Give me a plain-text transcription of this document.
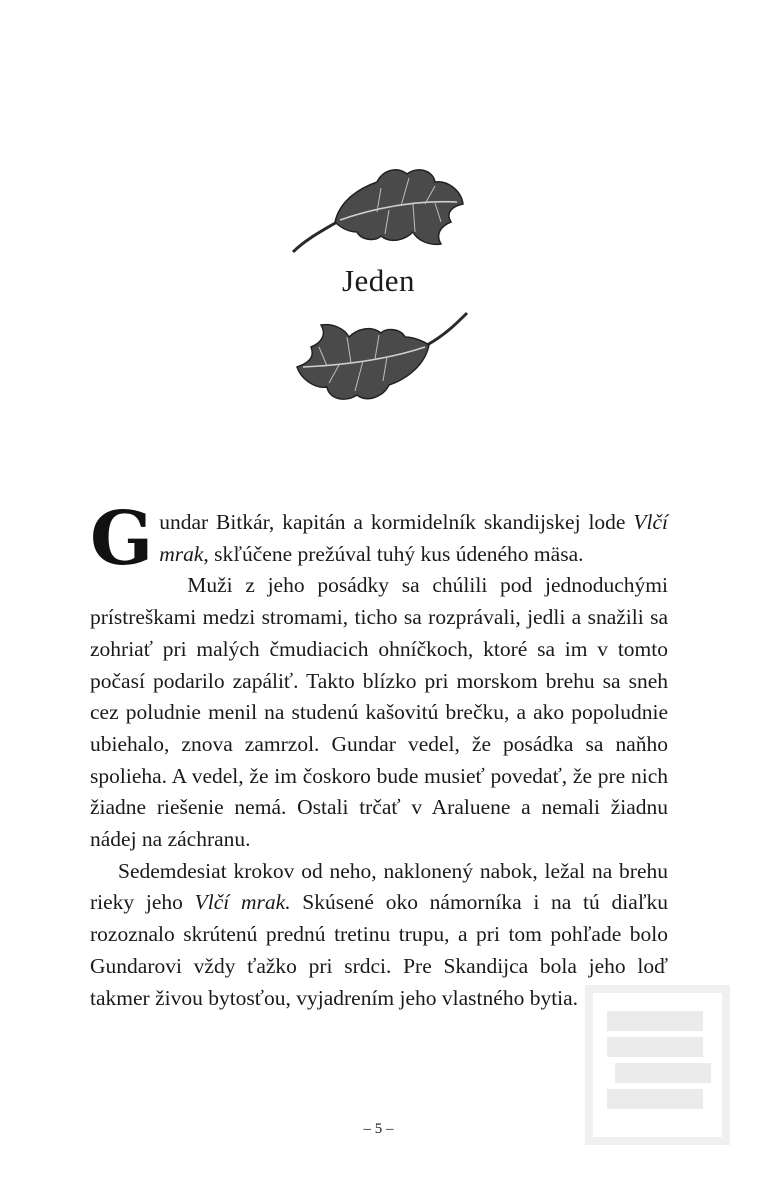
Jeden

Gundar Bitkár, kapitán a kormidelník skandijskej lode Vlčí mrak, skľúčene prežúval tuhý kus údeného mäsa.

Muži z jeho posádky sa chúlili pod jednoduchými prístreškami medzi stromami, ticho sa rozprávali, jedli a snažili sa zohriať pri malých čmudiacich ohníčkoch, ktoré sa im v tomto počasí podarilo zapáliť. Takto blízko pri morskom brehu sa sneh cez poludnie menil na studenú kašovitú brečku, a ako popoludnie ubiehalo, znova zamrzol. Gundar vedel, že posádka sa naňho spolieha. A vedel, že im čoskoro bude musieť povedať, že pre nich žiadne riešenie nemá. Ostali trčať v Araluene a nemali žiadnu nádej na záchranu.

Sedemdesiat krokov od neho, naklonený nabok, ležal na brehu rieky jeho Vlčí mrak. Skúsené oko námorníka i na tú diaľku rozoznalo skrútenú prednú tretinu trupu, a pri tom pohľade bolo Gundarovi vždy ťažko pri srdci. Pre Skandijca bola jeho loď takmer živou bytosťou, vyjadrením jeho vlastného bytia.

– 5 –
